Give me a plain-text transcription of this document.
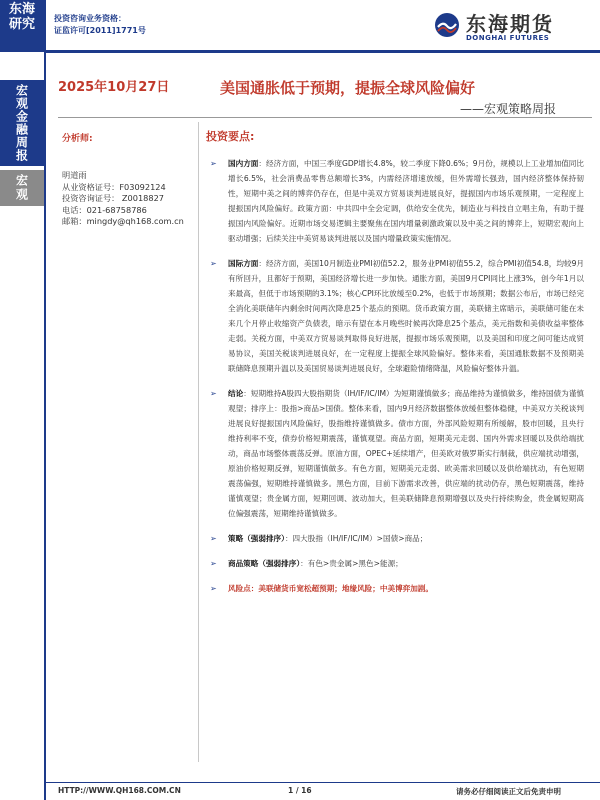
东海
研究
宏观金融周报
宏观
投资咨询业务资格：
证监许可[2011]1771号	东海期货
DONGHAI FUTURES
2025年10月27日	美国通胀低于预期，提振全球风险偏好
——宏观策略周报
分析师:
明道雨
从业资格证号：F03092124
投资咨询证号： Z0018827
电话：021-68758786
邮箱：mingdy@qh168.com.cn
投资要点:
➢ 国内方面：经济方面，中国三季度GDP增长4.8%，较二季度下降0.6%；9月份，规模以上工业增加值同比增长6.5%，社会消费品零售总额增长3%，内需经济增速放缓，但外需增长强劲，国内经济整体保持韧性，短期中美之间的博弈仍存在，但是中美双方贸易谈判进展良好，提振国内市场乐观预期，一定程度上提振国内风险偏好。政策方面：中共四中全会定调，供给安全优先，制造业与科技自立唱主角，有助于提振国内风险偏好。近期市场交易逻辑主要聚焦在国内增量刺激政策以及中美之间的博弈上，短期宏观向上驱动增强；后续关注中美贸易谈判进展以及国内增量政策实施情况。
➢ 国际方面：经济方面，美国10月制造业PMI初值52.2，服务业PMI初值55.2，综合PMI初值54.8，均较9月有所回升，且都好于预期，美国经济增长进一步加快。通胀方面，美国9月CPI同比上涨3%，创今年1月以来最高，但低于市场预期的3.1%；核心CPI环比放缓至0.2%，也低于市场预期；数据公布后，市场已经完全消化美联储年内剩余时间两次降息25个基点的预期。货币政策方面，美联储主席暗示，美联储可能在未来几个月停止收缩资产负债表，暗示有望在本月晚些时候再次降息25个基点，美元指数和美债收益率整体走弱。关税方面，中美双方贸易谈判取得良好进展，提振市场乐观预期，以及美国和印度之间可能达成贸易协议，美国关税谈判进展良好，在一定程度上提振全球风险偏好。整体来看，美国通胀数据不及预期美联储降息预期升温以及美国贸易谈判进展良好，全球避险情绪降温，风险偏好整体升温。
➢ 结论：短期维持A股四大股指期货（IH/IF/IC/IM）为短期谨慎做多；商品维持为谨慎做多，维持国债为谨慎观望；排序上：股指>商品>国债。整体来看，国内9月经济数据整体放缓但整体稳健，中美双方关税谈判进展良好提振国内风险偏好，股指维持谨慎做多。债市方面，外部风险短期有所缓解，股市回暖，且央行维持利率不变，债券价格短期震荡，谨慎观望。商品方面，短期美元走弱、国内外需求回暖以及供给端扰动，商品市场整体震荡反弹。原油方面，OPEC+延续增产，但美欧对俄罗斯实行制裁，供应端扰动增强，原油价格短期反弹，短期谨慎做多。有色方面，短期美元走弱、欧美需求回暖以及供给端扰动，有色短期震荡偏强，短期维持谨慎做多。黑色方面，目前下游需求改善，供应端的扰动仍存，黑色短期震荡，维持谨慎观望；贵金属方面，短期回调、波动加大，但美联储降息预期增强以及央行持续购金，贵金属短期高位偏强震荡，短期维持谨慎做多。
➢ 策略（强弱排序）：四大股指（IH/IF/IC/IM）>国债>商品；
➢ 商品策略（强弱排序）：有色>贵金属>黑色>能源；
➢ 风险点：美联储货币宽松超预期；地缘风险；中美博弈加剧。
HTTP://WWW.QH168.COM.CN	1 / 16	请务必仔细阅读正文后免责申明
